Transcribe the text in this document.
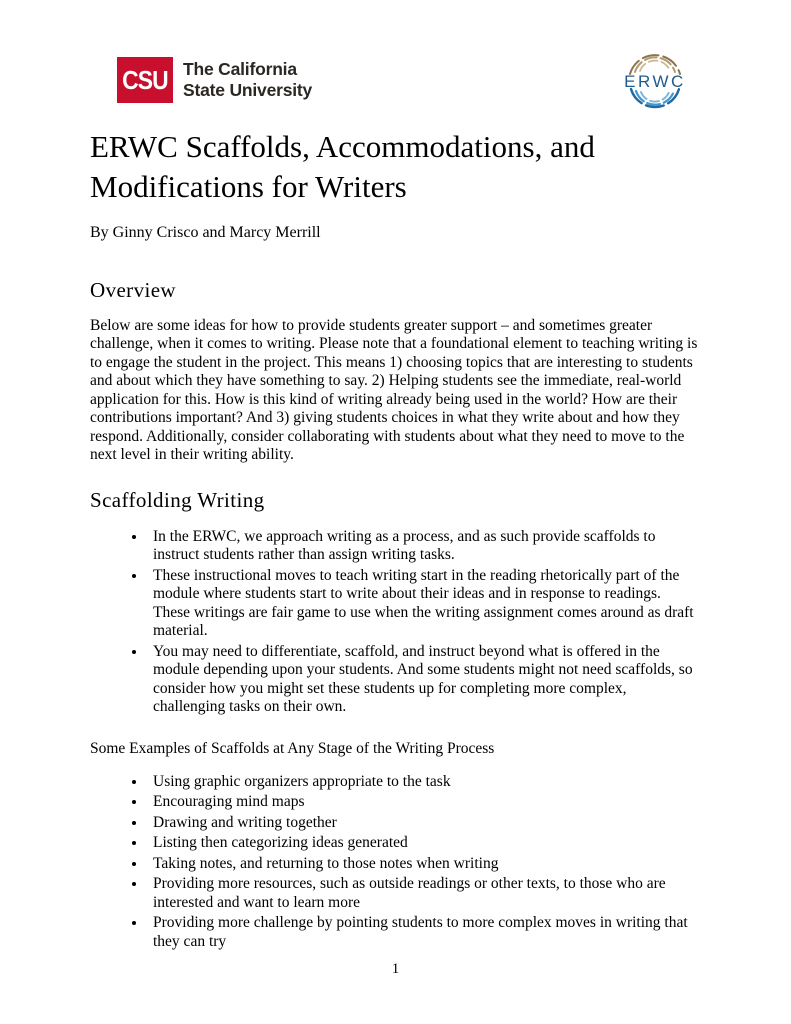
CSU The California
State University	ERWC
ERWC Scaffolds, Accommodations, and Modifications for Writers
By Ginny Crisco and Marcy Merrill
Overview

Below are some ideas for how to provide students greater support – and sometimes greater challenge, when it comes to writing. Please note that a foundational element to teaching writing is to engage the student in the project. This means 1) choosing topics that are interesting to students and about which they have something to say. 2) Helping students see the immediate, real-world application for this. How is this kind of writing already being used in the world? How are their contributions important? And 3) giving students choices in what they write about and how they respond. Additionally, consider collaborating with students about what they need to move to the next level in their writing ability.

Scaffolding Writing
• In the ERWC, we approach writing as a process, and as such provide scaffolds to instruct students rather than assign writing tasks.
• These instructional moves to teach writing start in the reading rhetorically part of the module where students start to write about their ideas and in response to readings. These writings are fair game to use when the writing assignment comes around as draft material.
• You may need to differentiate, scaffold, and instruct beyond what is offered in the module depending upon your students. And some students might not need scaffolds, so consider how you might set these students up for completing more complex, challenging tasks on their own.
Some Examples of Scaffolds at Any Stage of the Writing Process
• Using graphic organizers appropriate to the task
• Encouraging mind maps
• Drawing and writing together
• Listing then categorizing ideas generated
• Taking notes, and returning to those notes when writing
• Providing more resources, such as outside readings or other texts, to those who are interested and want to learn more
• Providing more challenge by pointing students to more complex moves in writing that they can try
1
